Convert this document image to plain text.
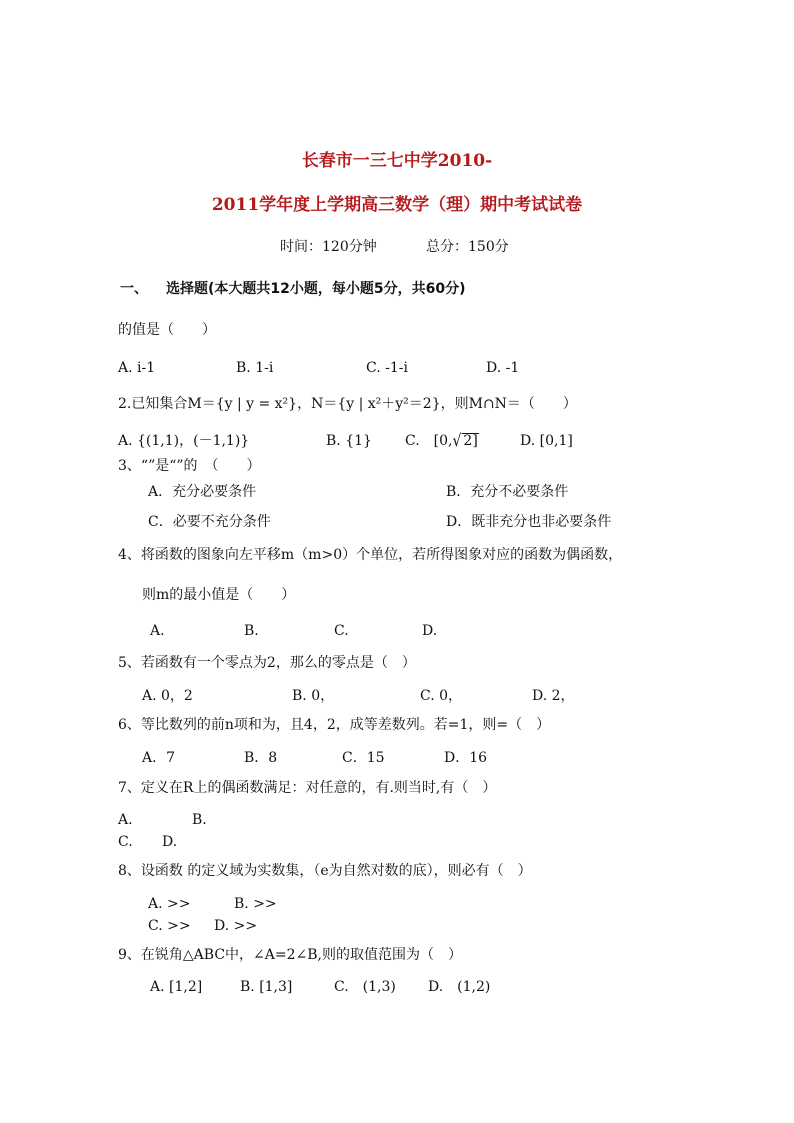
长春市一三七中学2010-
2011学年度上学期高三数学（理）期中考试试卷
时间：120分钟	总分：150分
一、 选择题(本大题共12小题，每小题5分，共60分)
的值是（　　）
A. i-1	B. 1-i	C. -1-i	D. -1
2.已知集合M＝{y | y = x²}，N＝{y | x²＋y²＝2}，则M∩N＝（　　）
A. {(1,1)，(－1,1)}	B. {1} C.　[0,√ 2]	D. [0,1]
3、“”是“”的　（　　）
A．充分必要条件	B．充分不必要条件
C．必要不充分条件	D．既非充分也非必要条件
4、将函数的图象向左平移m（m>0）个单位，若所得图象对应的函数为偶函数，
则m的最小值是（　　）
A.	B.	C.	D.
5、若函数有一个零点为2，那么的零点是（　）
A. 0，2	B. 0，	C. 0，	D. 2，
6、等比数列的前n项和为，且4，2，成等差数列。若=1，则=（　）
A．7	B．8	C．15	D．16
7、定义在R上的偶函数满足：对任意的，有.则当时,有（　）
A.	B.
C. D.
8、设函数 的定义域为实数集，（e为自然对数的底），则必有（　）
A. >>	B. >>
C. >> D. >>
9、在锐角△ABC中，∠A=2∠B,则的取值范围为（　）
A. [1,2]	B. [1,3]	C.　(1,3) D.　(1,2)
